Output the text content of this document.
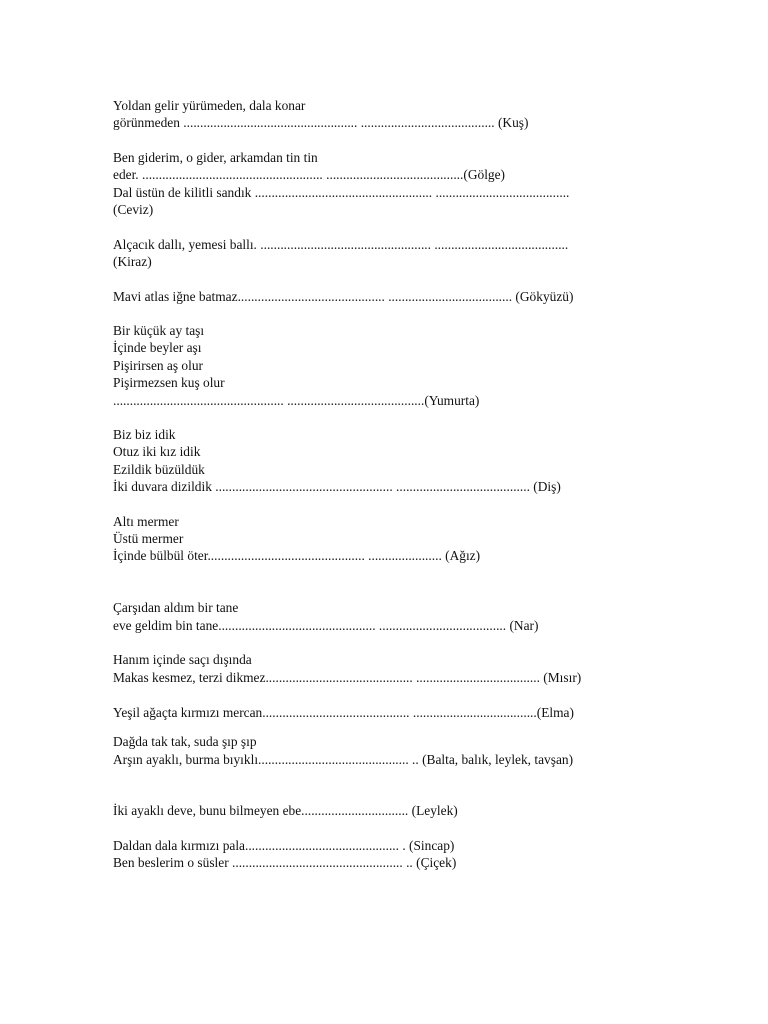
Yoldan gelir yürümeden, dala konar

görünmeden .................................................... ........................................ (Kuş)

Ben giderim, o gider, arkamdan tin tin

eder. ...................................................... .........................................(Gölge)

Dal üstün de kilitli sandık ..................................................... ........................................

(Ceviz)

Alçacık dallı, yemesi ballı. ................................................... ........................................

(Kiraz)

Mavi atlas iğne batmaz............................................ ..................................... (Gökyüzü)

Bir küçük ay taşı

İçinde beyler aşı

Pişirirsen aş olur

Pişirmezsen kuş olur

................................................... .........................................(Yumurta)

Biz biz idik

Otuz iki kız idik

Ezildik büzüldük

İki duvara dizildik ..................................................... ........................................ (Diş)

Altı mermer

Üstü mermer

İçinde bülbül öter............................................... ...................... (Ağız)

Çarşıdan aldım bir tane

eve geldim bin tane............................................... ...................................... (Nar)

Hanım içinde saçı dışında

Makas kesmez, terzi dikmez............................................ ..................................... (Mısır)

Yeşil ağaçta kırmızı mercan............................................ .....................................(Elma)

Dağda tak tak, suda şıp şıp

Arşın ayaklı, burma bıyıklı............................................. .. (Balta, balık, leylek, tavşan)

İki ayaklı deve, bunu bilmeyen ebe................................ (Leylek)

Daldan dala kırmızı pala.............................................. . (Sincap)

Ben beslerim o süsler ................................................... .. (Çiçek)
